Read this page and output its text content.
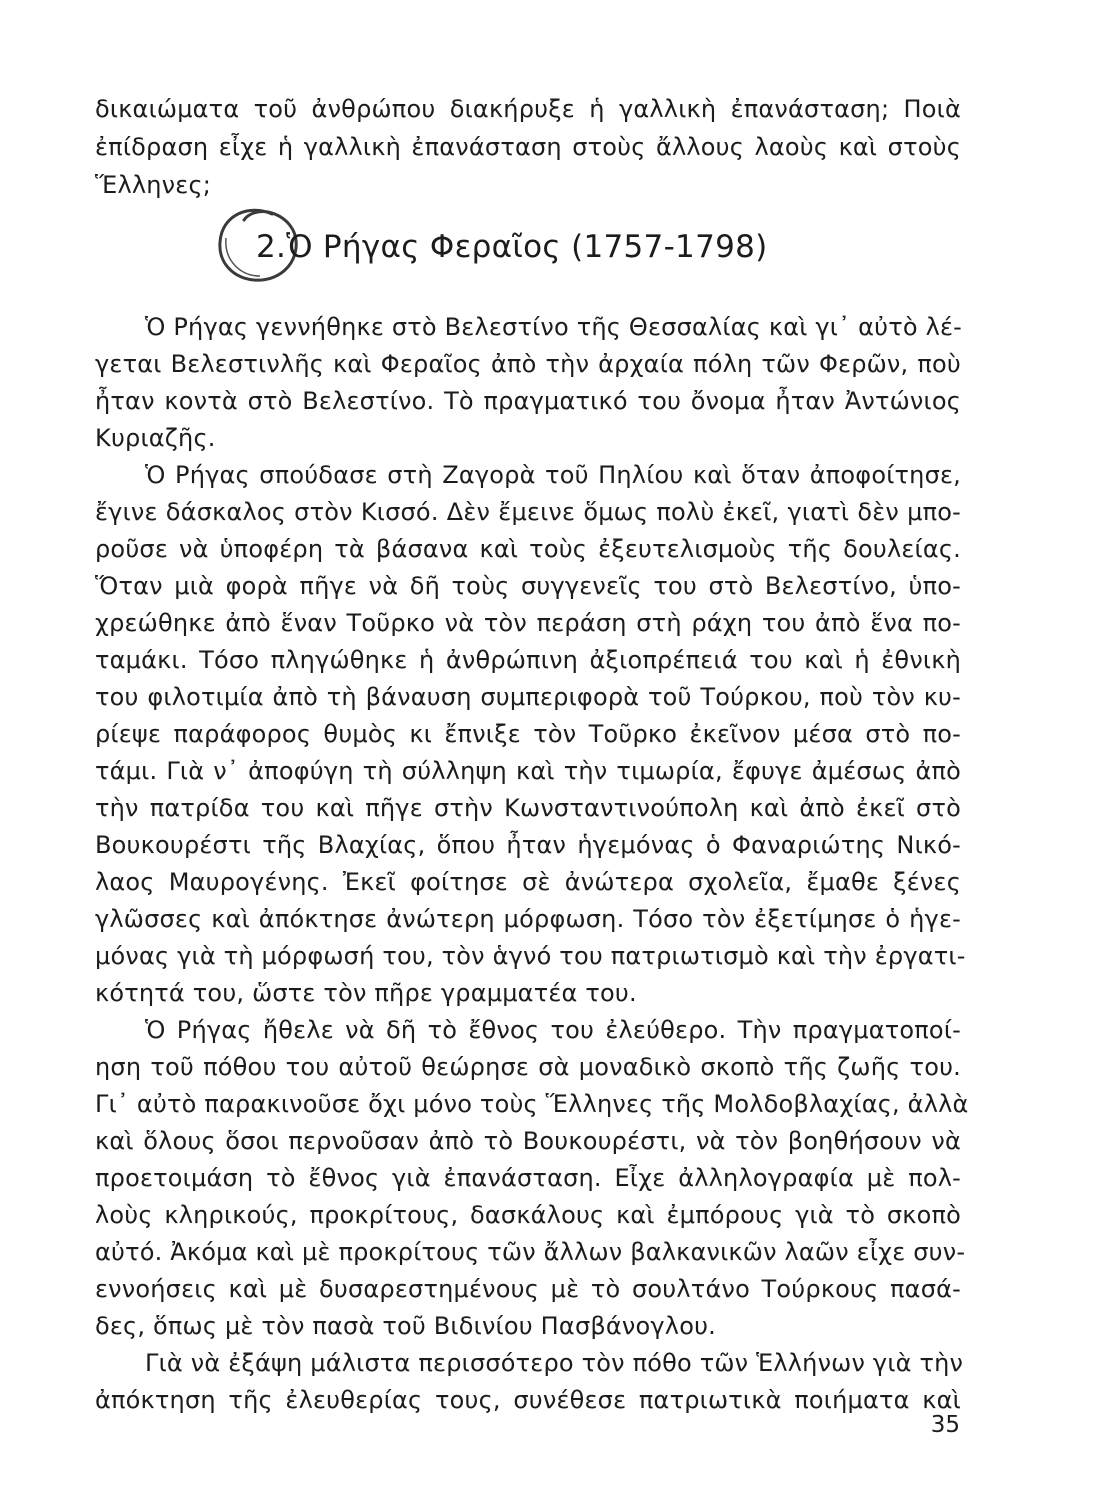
δικαιώματα τοῦ ἀνθρώπου διακήρυξε ἡ γαλλικὴ ἐπανάσταση; Ποιὰ
ἐπίδραση εἶχε ἡ γαλλικὴ ἐπανάσταση στοὺς ἄλλους λαοὺς καὶ στοὺς
Ἕλληνες;
2.Ὁ Ρήγας Φεραῖος (1757-1798)
Ὁ Ρήγας γεννήθηκε στὸ Βελεστίνο τῆς Θεσσαλίας καὶ γι᾽ αὐτὸ λέ-
γεται Βελεστινλῆς καὶ Φεραῖος ἀπὸ τὴν ἀρχαία πόλη τῶν Φερῶν, ποὺ
ἦταν κοντὰ στὸ Βελεστίνο. Τὸ πραγματικό του ὄνομα ἦταν Ἀντώνιος
Κυριαζῆς.
Ὁ Ρήγας σπούδασε στὴ Ζαγορὰ τοῦ Πηλίου καὶ ὅταν ἀποφοίτησε,
ἔγινε δάσκαλος στὸν Κισσό. Δὲν ἔμεινε ὅμως πολὺ ἐκεῖ, γιατὶ δὲν μπο-
ροῦσε νὰ ὑποφέρη τὰ βάσανα καὶ τοὺς ἐξευτελισμοὺς τῆς δουλείας.
Ὅταν μιὰ φορὰ πῆγε νὰ δῆ τοὺς συγγενεῖς του στὸ Βελεστίνο, ὑπο-
χρεώθηκε ἀπὸ ἕναν Τοῦρκο νὰ τὸν περάση στὴ ράχη του ἀπὸ ἕνα πο-
ταμάκι. Τόσο πληγώθηκε ἡ ἀνθρώπινη ἀξιοπρέπειά του καὶ ἡ ἐθνικὴ
του φιλοτιμία ἀπὸ τὴ βάναυση συμπεριφορὰ τοῦ Τούρκου, ποὺ τὸν κυ-
ρίεψε παράφορος θυμὸς κι ἔπνιξε τὸν Τοῦρκο ἐκεῖνον μέσα στὸ πο-
τάμι. Γιὰ ν᾽ ἀποφύγη τὴ σύλληψη καὶ τὴν τιμωρία, ἔφυγε ἀμέσως ἀπὸ
τὴν πατρίδα του καὶ πῆγε στὴν Κωνσταντινούπολη καὶ ἀπὸ ἐκεῖ στὸ
Βουκουρέστι τῆς Βλαχίας, ὅπου ἦταν ἡγεμόνας ὁ Φαναριώτης Νικό-
λαος Μαυρογένης. Ἐκεῖ φοίτησε σὲ ἀνώτερα σχολεῖα, ἔμαθε ξένες
γλῶσσες καὶ ἀπόκτησε ἀνώτερη μόρφωση. Τόσο τὸν ἐξετίμησε ὁ ἡγε-
μόνας γιὰ τὴ μόρφωσή του, τὸν ἁγνό του πατριωτισμὸ καὶ τὴν ἐργατι-
κότητά του, ὥστε τὸν πῆρε γραμματέα του.
Ὁ Ρήγας ἤθελε νὰ δῆ τὸ ἔθνος του ἐλεύθερο. Τὴν πραγματοποί-
ηση τοῦ πόθου του αὐτοῦ θεώρησε σὰ μοναδικὸ σκοπὸ τῆς ζωῆς του.
Γι᾽ αὐτὸ παρακινοῦσε ὄχι μόνο τοὺς Ἕλληνες τῆς Μολδοβλαχίας, ἀλλὰ
καὶ ὅλους ὅσοι περνοῦσαν ἀπὸ τὸ Βουκουρέστι, νὰ τὸν βοηθήσουν νὰ
προετοιμάση τὸ ἔθνος γιὰ ἐπανάσταση. Εἶχε ἀλληλογραφία μὲ πολ-
λοὺς κληρικούς, προκρίτους, δασκάλους καὶ ἐμπόρους γιὰ τὸ σκοπὸ
αὐτό. Ἀκόμα καὶ μὲ προκρίτους τῶν ἄλλων βαλκανικῶν λαῶν εἶχε συν-
εννοήσεις καὶ μὲ δυσαρεστημένους μὲ τὸ σουλτάνο Τούρκους πασά-
δες, ὅπως μὲ τὸν πασὰ τοῦ Βιδινίου Πασβάνογλου.
Γιὰ νὰ ἐξάψη μάλιστα περισσότερο τὸν πόθο τῶν Ἑλλήνων γιὰ τὴν
ἀπόκτηση τῆς ἐλευθερίας τους, συνέθεσε πατριωτικὰ ποιήματα καὶ
35
